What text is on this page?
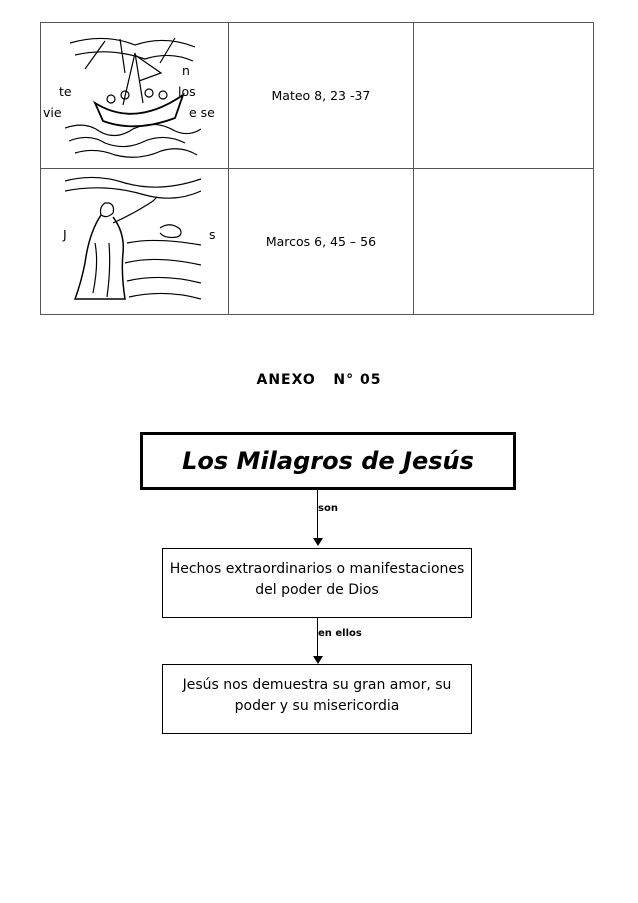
n
te los
vie e se	Mateo 8, 23 -37	

J s	Marcos 6, 45 – 56	
ANEXO   N° 05
Los Milagros de Jesús
son
Hechos extraordinarios o manifestaciones del poder de Dios
en ellos
Jesús nos demuestra su gran amor, su poder y su misericordia
